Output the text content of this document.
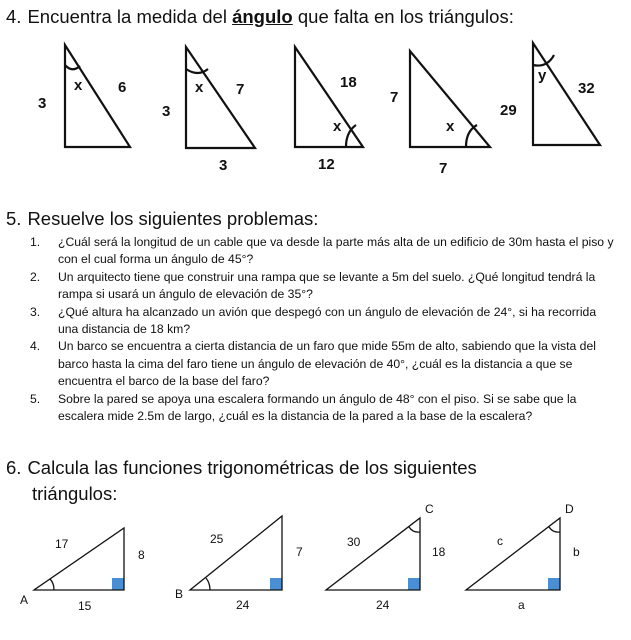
4. Encuentra la medida del ángulo que falta en los triángulos:
x
3
6	x
3
7
3
x
18
12
x
7
7
y
29
32
5. Resuelve los siguientes problemas:
1. ¿Cuál será la longitud de un cable que va desde la parte más alta de un edificio de 30m hasta el piso y con el cual forma un ángulo de 45°?
2. Un arquitecto tiene que construir una rampa que se levante a 5m del suelo. ¿Qué longitud tendrá la rampa si usará un ángulo de elevación de 35°?
3. ¿Qué altura ha alcanzado un avión que despegó con un ángulo de elevación de 24°, si ha recorrida una distancia de 18 km?
4. Un barco se encuentra a cierta distancia de un faro que mide 55m de alto, sabiendo que la vista del barco hasta la cima del faro tiene un ángulo de elevación de 40°, ¿cuál es la distancia a que se encuentra el barco de la base del faro?
5. Sobre la pared se apoya una escalera formando un ángulo de 48° con el piso. Si se sabe que la escalera mide 2.5m de largo, ¿cuál es la distancia de la pared a la base de la escalera?
6. Calcula las funciones trigonométricas de los siguientes
triángulos:
A
17
8
15
B
25
7
24
C
30
18
24
D
c
b
a
